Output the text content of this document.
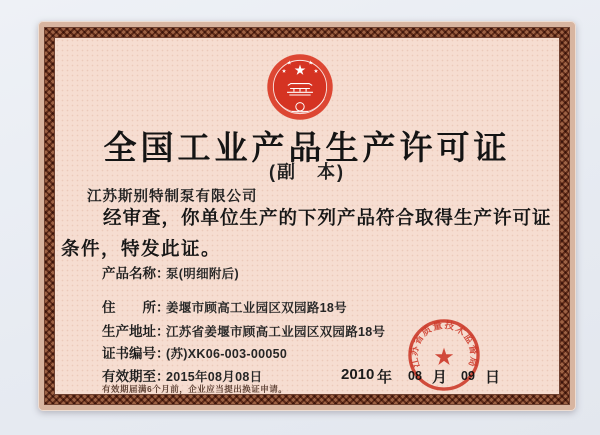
全国工业产品生产许可证
(副　本)
江苏斯别特制泵有限公司
经审查，你单位生产的下列产品符合取得生产许可证
条件，特发此证。
产品名称：
泵(明细附后)
住　　所：
姜堰市顾高工业园区双园路18号
生产地址：
江苏省姜堰市顾高工业园区双园路18号
证书编号：
(苏)XK06-003-00050
有效期至：
2015年08月08日
有效期届满6个月前，企业应当提出换证申请。
2010 年 08 月 09 日
江苏省质量技术监督局
